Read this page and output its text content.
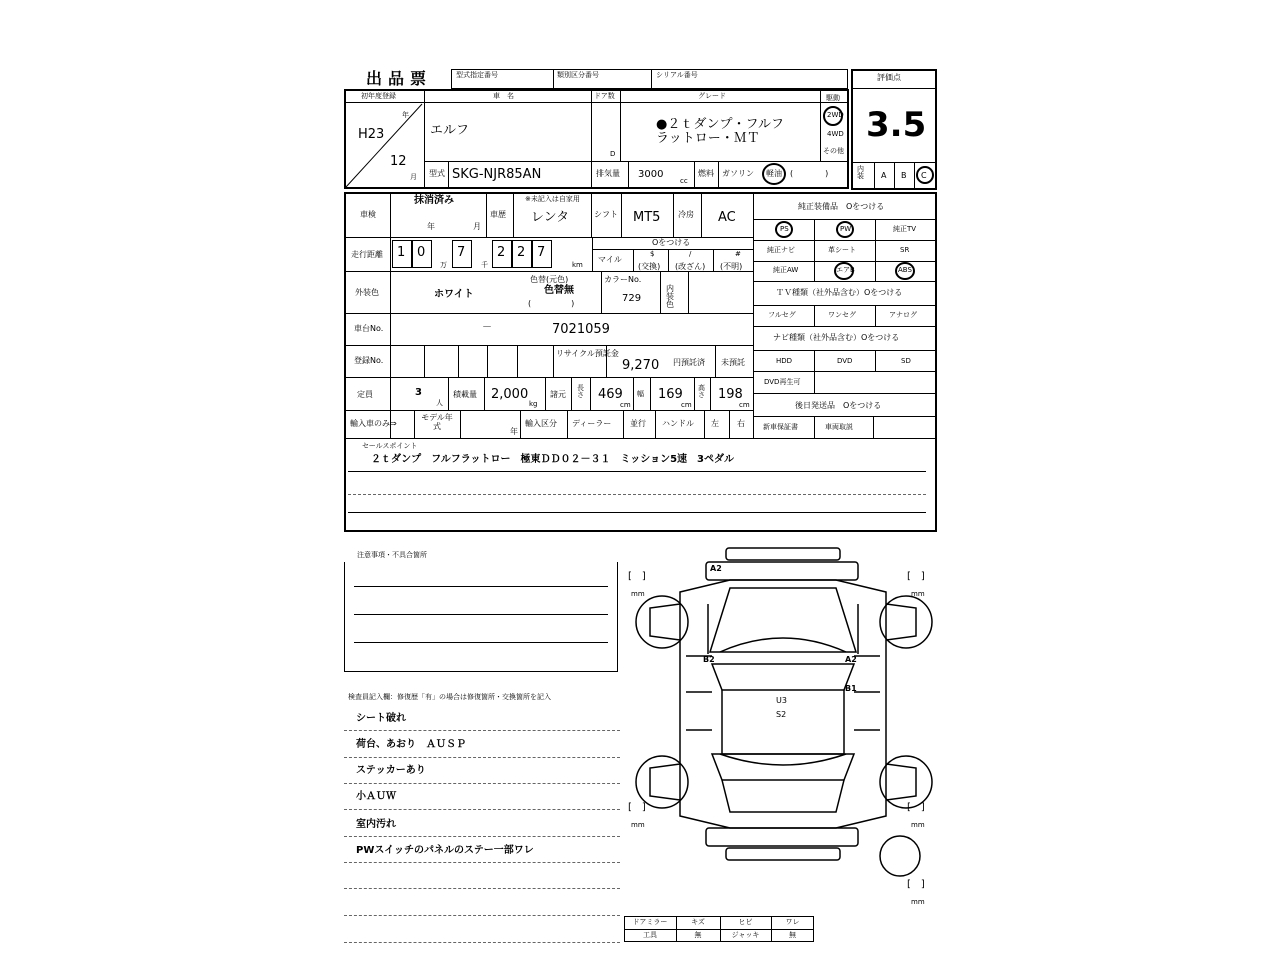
出品票	型式指定番号	類別区分番号	シリアル番号	評価点
3.5
内装	A B C
初年度登録
H23
年
12
月
車　名
エルフ
ドア数
D
グレード
●２ｔダンプ・フルフ
ラットロー・ＭＴ
駆動
2WD
4WD
その他
型式 SKG-NJR85AN	排気量 3000
cc
燃料 ガソリン 軽油 (　　　　)
車検
抹消済み
年	月
車歴
※未記入は自家用
レンタ	シフト MT5 冷房 AC
走行距離
Oをつける
マイル
(交換) (改ざん) (不明)
$	/	#
1 0
万
7
千
2 2 7
km
外装色	ホワイト
色替(元色)
色替無
(　　　　　)
カラーNo.
729
内装色
車台No.	－	7021059
登録No.
リサイクル預託金
9,270 円預託済 未預託
定員	3
人
積載量 2,000
kg
諸元
長さ 469
cm
幅 169
cm
高さ 198
cm
輸入車のみ⇒
モデル年式
年
輸入区分 ディーラー 並行 ハンドル 左 右
純正装備品　Oをつける
PS	PW	純正TV
純正ナビ	革シート	SR
純正AW	エアB	ABS
ＴＶ種類（社外品含む）Oをつける
フルセグ	ワンセグ	アナログ
ナビ種類（社外品含む）Oをつける
HDD	DVD	SD
DVD再生可
後日発送品　Oをつける
新車保証書	車両取説
セールスポイント
２ｔダンプ　フルフラットロー　極東ＤＤ０２－３１　ミッション5速　3ペダル
注意事項・不具合箇所
検査員記入欄：修復歴「有」の場合は修復箇所・交換箇所を記入
シート破れ
荷台、あおり　ＡＵＳＰ
ステッカーあり
小ＡＵＷ
室内汚れ
PWスイッチのパネルのステー一部ワレ
A2
B2	A2
B1
U3
S2
[　]
mm
[　]
mm
[　]
mm
[　]
mm
[　]
mm
ドアミラー	キズ	ヒビ	ワレ
工具	無	ジャッキ	無
